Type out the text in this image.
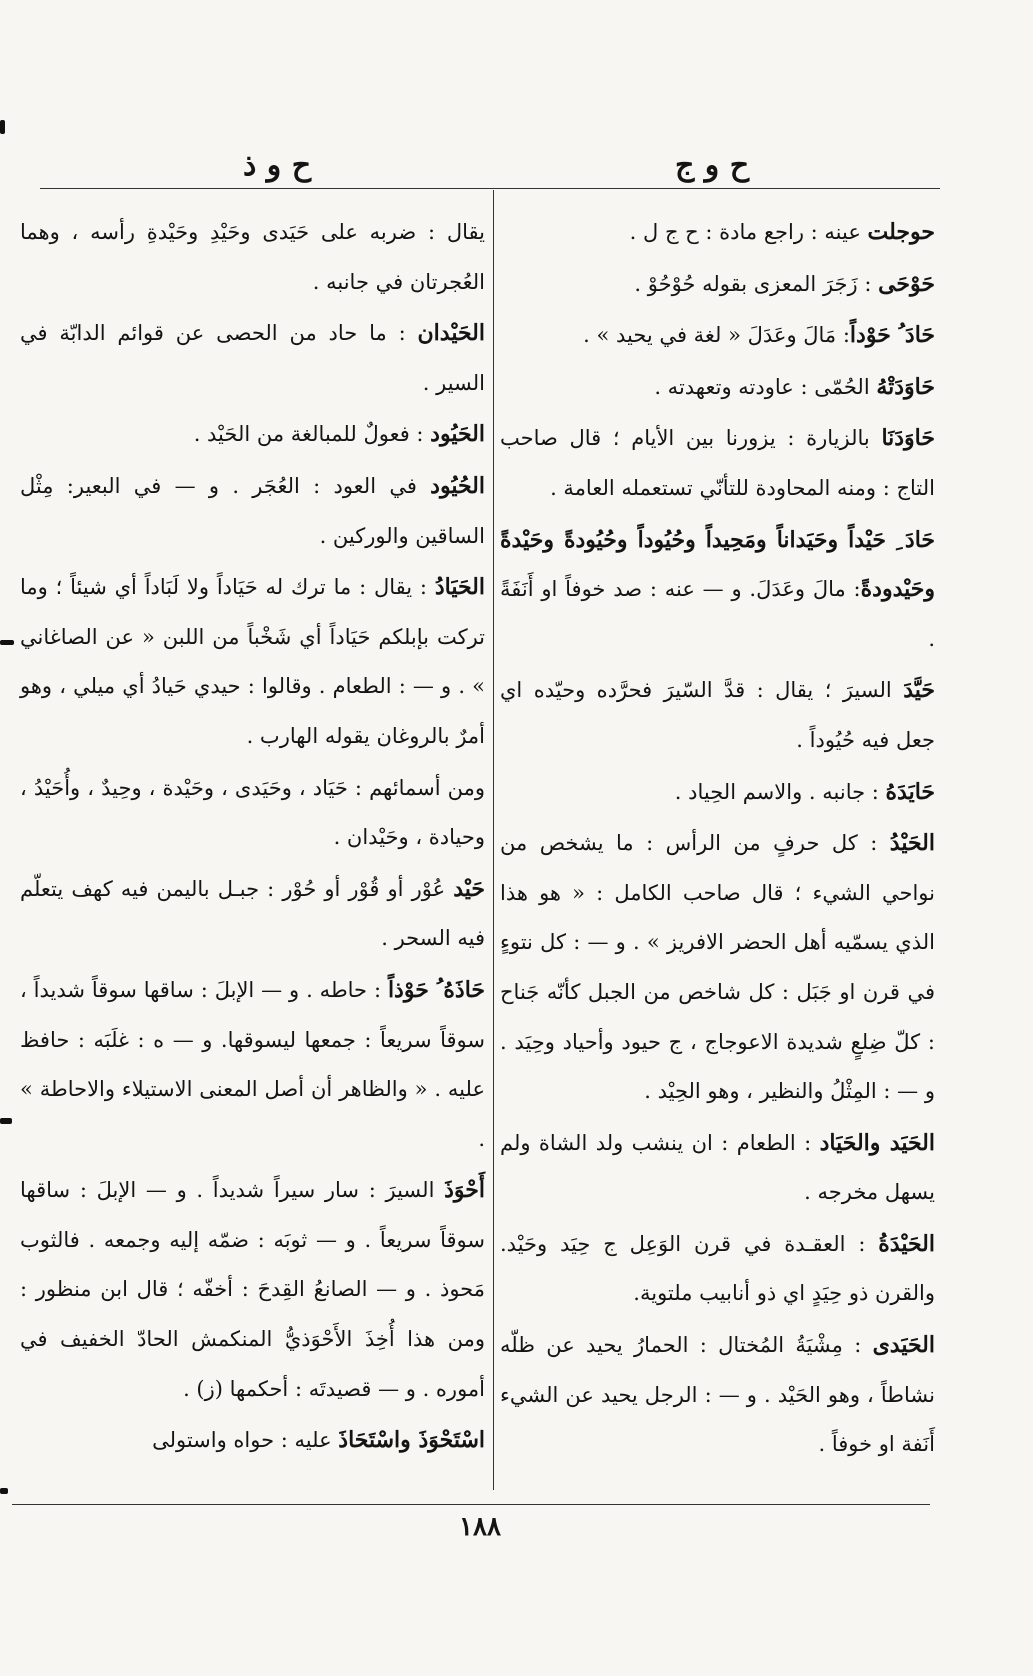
ح و ج
ح و ذ
حوجلت عينه : راجع مادة : ح ج ل .
حَوْحَى : زَجَرَ المعزى بقوله حُوْحُوْ .
حَادَ ُ حَوْداً: مَالَ وعَدَلَ « لغة في يحيد » .
حَاوَدَتْهُ الحُمّى : عاودته وتعهدته .
حَاوَدَنَا بالزيارة : يزورنا بين الأيام ؛ قال صاحب التاج : ومنه المحاودة للتأنّي تستعمله العامة .
حَادَ ِ حَيْداً وحَيَداناً ومَحِيداً وحُيُوداً وحُيُودةً وحَيْدةً وحَيْدودةً: مالَ وعَدَلَ. و — عنه : صد خوفاً او أَنَفَةً .
حَيَّدَ السيرَ ؛ يقال : قدَّ السّيرَ فحرَّده وحيّده اي جعل فيه حُيُوداً .
حَايَدَهُ : جانبه . والاسم الحِياد .
الحَيْدُ : كل حرفٍ من الرأس : ما يشخص من نواحي الشيء ؛ قال صاحب الكامل : « هو هذا الذي يسمّيه أهل الحضر الافريز » . و — : كل نتوءٍ في قرن او جَبَل : كل شاخص من الجبل كأنّه جَناح : كلّ ضِلعٍ شديدة الاعوجاج ، ج حيود وأحياد وحِيَد . و — : المِثْلُ والنظير ، وهو الحِيْد .
الحَيَد والحَيَاد : الطعام : ان ينشب ولد الشاة ولم يسهل مخرجه .
الحَيْدَةُ : العقـدة في قرن الوَعِل ج حِيَد وحَيْد. والقرن ذو حِيَدٍ اي ذو أنابيب ملتوية.
الحَيَدى : مِشْيَةُ المُختال : الحمارُ يحيد عن ظلّه نشاطاً ، وهو الحَيْد . و — : الرجل يحيد عن الشيء أَنَفة او خوفاً .
يقال : ضربه على حَيَدى وحَيْدِ وحَيْدةِ رأسه ، وهما العُجرتان في جانبه .
الحَيْدان : ما حاد من الحصى عن قوائم الدابّة في السير .
الحَيُود : فعولٌ للمبالغة من الحَيْد .
الحُيُود في العود : العُجَر . و — في البعير: مِثْل الساقين والوركين .
الحَيَادُ : يقال : ما ترك له حَيَاداً ولا لَبَاداً أي شيئاً ؛ وما تركت بإبلكم حَيَاداً أي شَخْباً من اللبن « عن الصاغاني » . و — : الطعام . وقالوا : حيدي حَيادُ أي ميلي ، وهو أمرٌ بالروغان يقوله الهارب .
ومن أسمائهم : حَيَاد ، وحَيَدى ، وحَيْدة ، وحِيدٌ ، وأُحَيْدُ ، وحيادة ، وحَيْدان .
حَيْد عُوْر أو قُوْر أو حُوْر : جبـل باليمن فيه كهف يتعلّم فيه السحر .
حَاذَهُ ُ حَوْذاً : حاطه . و — الإبلَ : ساقها سوقاً شديداً ، سوقاً سريعاً : جمعها ليسوقها. و — ه : غلَبَه : حافظ عليه . « والظاهر أن أصل المعنى الاستيلاء والاحاطة » .
أَحْوَذَ السيرَ : سار سيراً شديداً . و — الإبلَ : ساقها سوقاً سريعاً . و — ثوبَه : ضمّه إليه وجمعه . فالثوب مَحوذ . و — الصانعُ القِدحَ : أخفّه ؛ قال ابن منظور : ومن هذا أُخِذَ الأَحْوَذيُّ المنكمش الحادّ الخفيف في أموره . و — قصيدتَه : أحكمها (ز) .
اسْتَحْوَذَ واسْتَحَاذَ عليه : حواه واستولى
١٨٨
